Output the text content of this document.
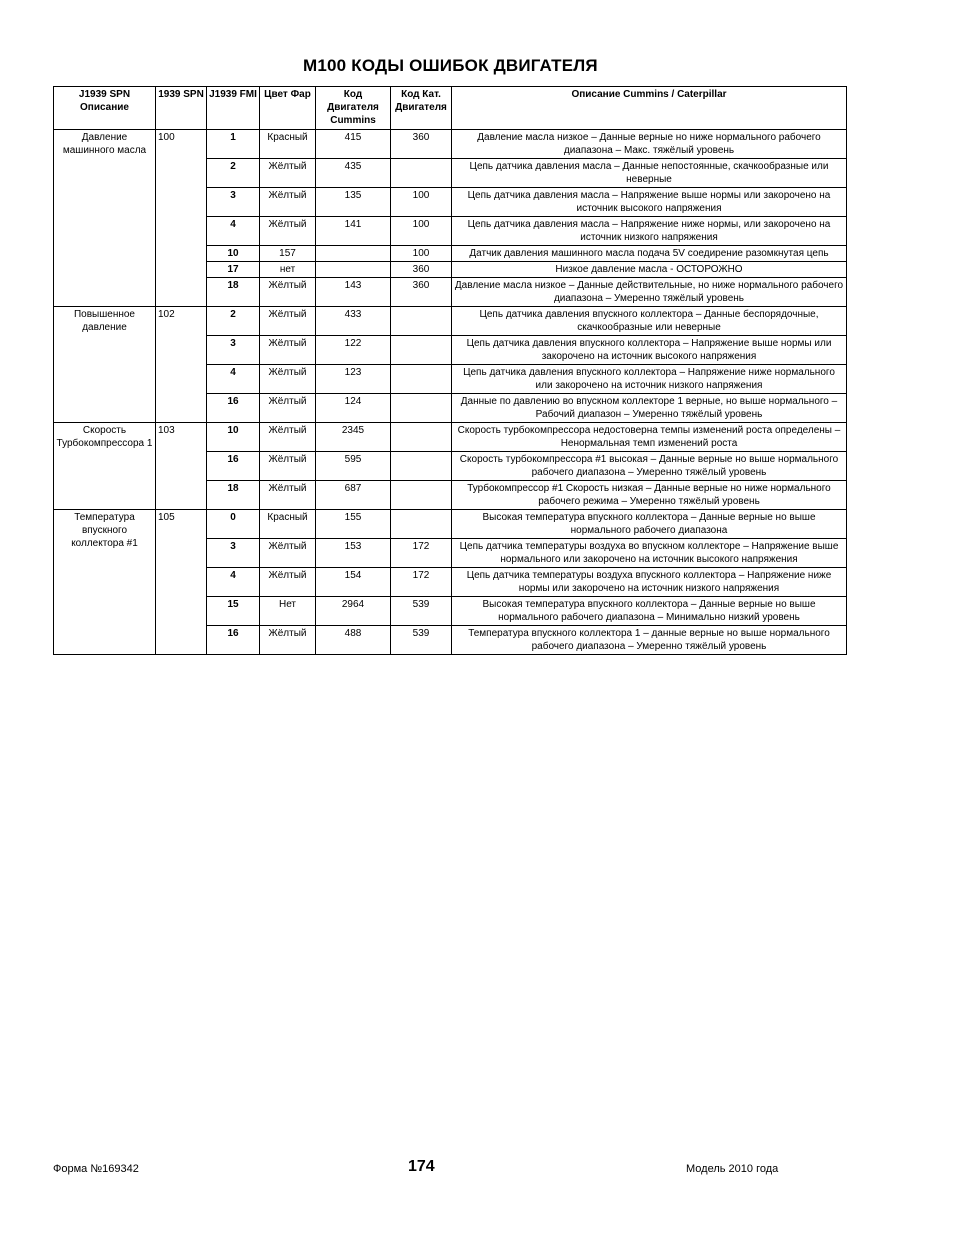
M100 КОДЫ ОШИБОК ДВИГАТЕЛЯ
J1939 SPN Описание	1939 SPN	J1939 FMI	Цвет Фар	Код Двигателя Cummins	Код Кат. Двигателя	Описание Cummins / Caterpillar
Давление машинного масла	100	1	Красный	415	360	Давление масла низкое – Данные верные но ниже нормального рабочего диапазона – Макс. тяжёлый уровень
		2	Жёлтый	435		Цепь датчика давления масла – Данные непостоянные, скачкообразные или неверные
		3	Жёлтый	135	100	Цепь датчика давления масла – Напряжение выше нормы или закорочено на источник высокого напряжения
		4	Жёлтый	141	100	Цепь датчика давления масла – Напряжение ниже нормы, или закорочено на источник низкого напряжения
		10	157		100	Датчик давления машинного масла подача 5V соедирение разомкнутая цепь
		17	нет		360	Низкое давление масла - ОСТОРОЖНО
		18	Жёлтый	143	360	Давление масла низкое – Данные действительные, но ниже нормального рабочего диапазона – Умеренно тяжёлый уровень
Повышенное давление	102	2	Жёлтый	433		Цепь датчика давления впускного коллектора – Данные беспорядочные, скачкообразные или неверные
		3	Жёлтый	122		Цепь датчика давления впускного коллектора – Напряжение выше нормы или закорочено на источник высокого напряжения
		4	Жёлтый	123		Цепь датчика давления впускного коллектора – Напряжение ниже нормального или закорочено на источник низкого напряжения
		16	Жёлтый	124		Данные по давлению во впускном коллекторе 1 верные, но выше нормального – Рабочий диапазон – Умеренно тяжёлый уровень
Скорость Турбокомпрессора 1	103	10	Жёлтый	2345		Скорость турбокомпрессора недостоверна темпы изменений роста определены – Ненормальная темп изменений роста
		16	Жёлтый	595		Скорость турбокомпрессора #1 высокая – Данные верные но выше нормального рабочего диапазона – Умеренно тяжёлый уровень
		18	Жёлтый	687		Турбокомпрессор #1 Скорость низкая – Данные верные но ниже нормального рабочего режима – Умеренно тяжёлый уровень
Температура впускного коллектора #1	105	0	Красный	155		Высокая температура впускного коллектора – Данные верные но выше нормального рабочего диапазона
		3	Жёлтый	153	172	Цепь датчика температуры воздуха во впускном коллекторе – Напряжение выше нормального или закорочено на источник высокого напряжения
		4	Жёлтый	154	172	Цепь датчика температуры воздуха впускного коллектора – Напряжение ниже нормы или закорочено на источник низкого напряжения
		15	Нет	2964	539	Высокая температура впускного коллектора – Данные верные но выше нормального рабочего диапазона – Минимально низкий уровень
		16	Жёлтый	488	539	Температура впускного коллектора 1 – данные верные но выше нормального рабочего диапазона – Умеренно тяжёлый уровень
Форма №169342	174	Модель 2010 года
